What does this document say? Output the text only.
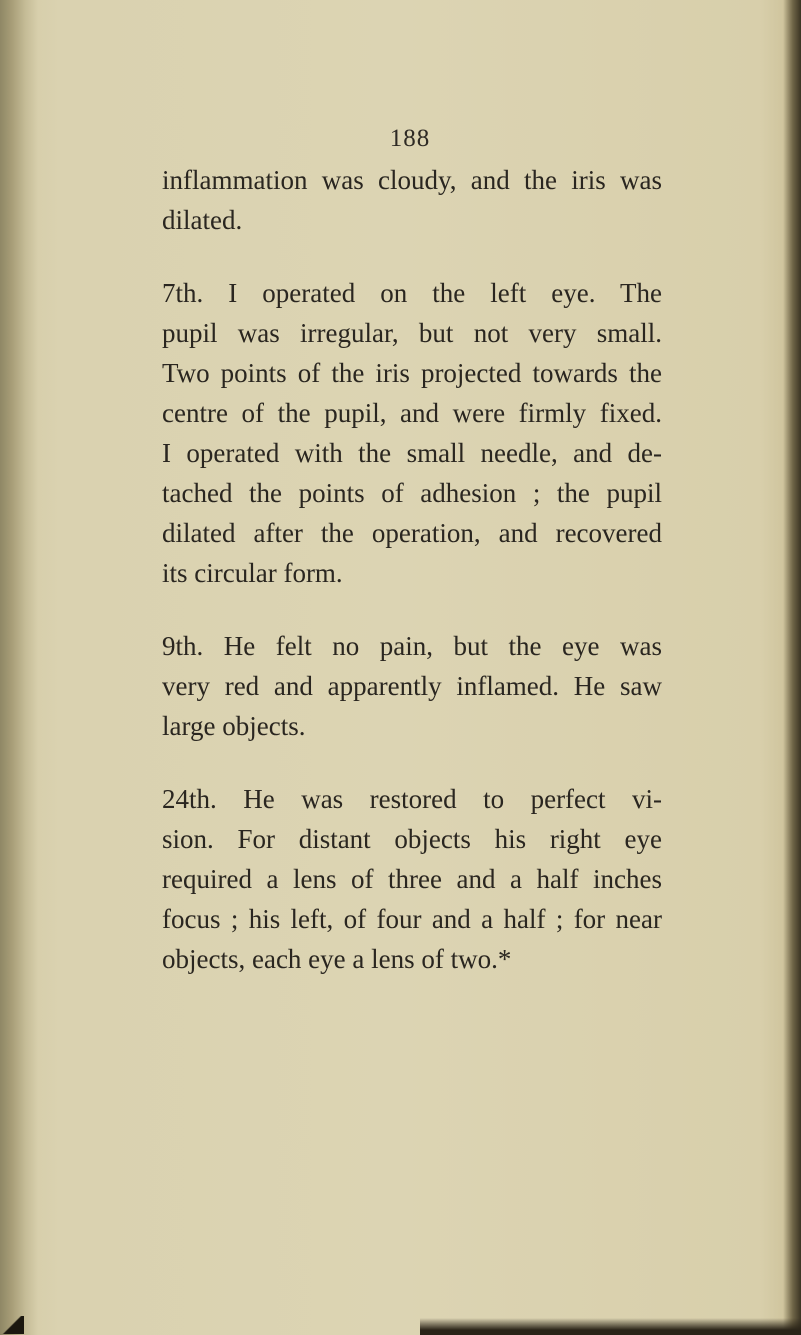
188

inflammation was cloudy, and the iris was
dilated.

7th. I operated on the left eye. The
pupil was irregular, but not very small.
Two points of the iris projected towards the
centre of the pupil, and were firmly fixed.
I operated with the small needle, and de-
tached the points of adhesion ; the pupil
dilated after the operation, and recovered
its circular form.

9th. He felt no pain, but the eye was
very red and apparently inflamed. He saw
large objects.

24th. He was restored to perfect vi-
sion. For distant objects his right eye
required a lens of three and a half inches
focus ; his left, of four and a half ; for near
objects, each eye a lens of two.*
